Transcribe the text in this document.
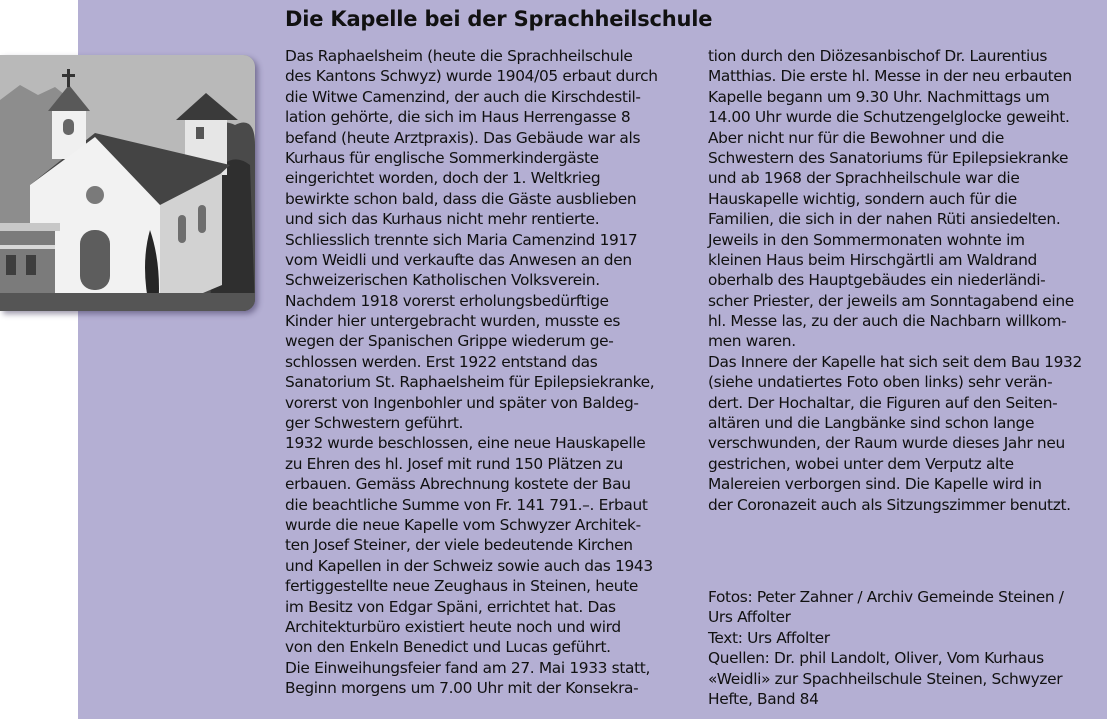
Die Kapelle bei der Sprachheilschule
Das Raphaelsheim (heute die Sprachheilschule
des Kantons Schwyz) wurde 1904/05 erbaut durch
die Witwe Camenzind, der auch die Kirschdestil-
lation gehörte, die sich im Haus Herrengasse 8
befand (heute Arztpraxis). Das Gebäude war als
Kurhaus für englische Sommerkindergäste
eingerichtet worden, doch der 1. Weltkrieg
bewirkte schon bald, dass die Gäste ausblieben
und sich das Kurhaus nicht mehr rentierte.
Schliesslich trennte sich Maria Camenzind 1917
vom Weidli und verkaufte das Anwesen an den
Schweizerischen Katholischen Volksverein.
Nachdem 1918 vorerst erholungsbedürftige
Kinder hier untergebracht wurden, musste es
wegen der Spanischen Grippe wiederum ge-
schlossen werden. Erst 1922 entstand das
Sanatorium St. Raphaelsheim für Epilepsiekranke,
vorerst von Ingenbohler und später von Baldeg-
ger Schwestern geführt.
1932 wurde beschlossen, eine neue Hauskapelle
zu Ehren des hl. Josef mit rund 150 Plätzen zu
erbauen. Gemäss Abrechnung kostete der Bau
die beachtliche Summe von Fr. 141 791.–. Erbaut
wurde die neue Kapelle vom Schwyzer Architek-
ten Josef Steiner, der viele bedeutende Kirchen
und Kapellen in der Schweiz sowie auch das 1943
fertiggestellte neue Zeughaus in Steinen, heute
im Besitz von Edgar Späni, errichtet hat. Das
Architekturbüro existiert heute noch und wird
von den Enkeln Benedict und Lucas geführt.
Die Einweihungsfeier fand am 27. Mai 1933 statt,
Beginn morgens um 7.00 Uhr mit der Konsekra-
tion durch den Diözesanbischof Dr. Laurentius
Matthias. Die erste hl. Messe in der neu erbauten
Kapelle begann um 9.30 Uhr. Nachmittags um
14.00 Uhr wurde die Schutzengelglocke geweiht.
Aber nicht nur für die Bewohner und die
Schwestern des Sanatoriums für Epilepsiekranke
und ab 1968 der Sprachheilschule war die
Hauskapelle wichtig, sondern auch für die
Familien, die sich in der nahen Rüti ansiedelten.
Jeweils in den Sommermonaten wohnte im
kleinen Haus beim Hirschgärtli am Waldrand
oberhalb des Hauptgebäudes ein niederländi-
scher Priester, der jeweils am Sonntagabend eine
hl. Messe las, zu der auch die Nachbarn willkom-
men waren.
Das Innere der Kapelle hat sich seit dem Bau 1932
(siehe undatiertes Foto oben links) sehr verän-
dert. Der Hochaltar, die Figuren auf den Seiten-
altären und die Langbänke sind schon lange
verschwunden, der Raum wurde dieses Jahr neu
gestrichen, wobei unter dem Verputz alte
Malereien verborgen sind. Die Kapelle wird in
der Coronazeit auch als Sitzungszimmer benutzt.
Fotos: Peter Zahner / Archiv Gemeinde Steinen /
Urs Affolter
Text: Urs Affolter
Quellen: Dr. phil Landolt, Oliver, Vom Kurhaus
«Weidli» zur Spachheilschule Steinen, Schwyzer
Hefte, Band 84
